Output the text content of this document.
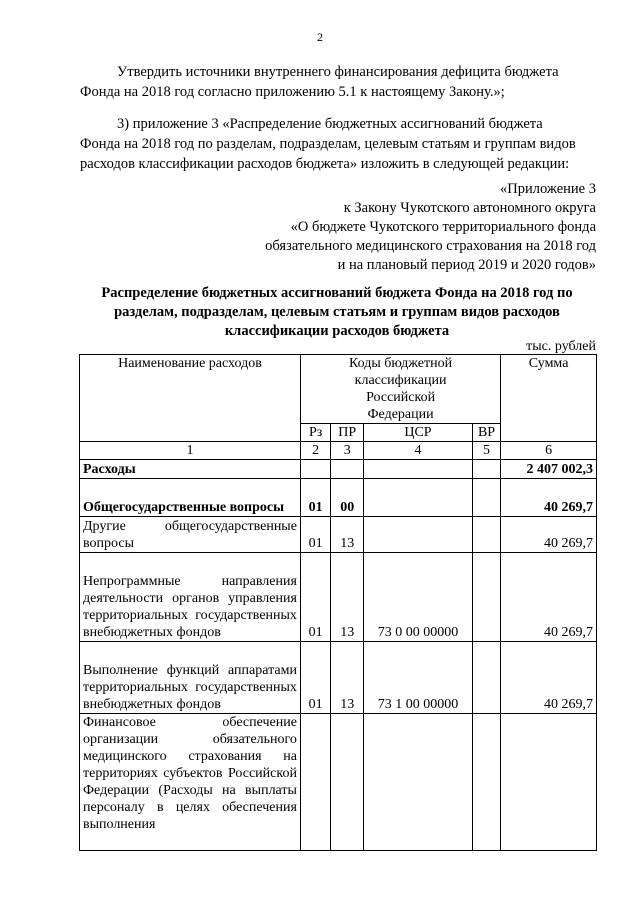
2
Утвердить источники внутреннего финансирования дефицита бюджета
Фонда на 2018 год согласно приложению 5.1 к настоящему Закону.»;
3) приложение 3 «Распределение бюджетных ассигнований бюджета
Фонда на 2018 год по разделам, подразделам, целевым статьям и группам видов
расходов классификации расходов бюджета» изложить в следующей редакции:
«Приложение 3
к Закону Чукотского автономного округа
«О бюджете Чукотского территориального фонда
обязательного медицинского страхования на 2018 год
и на плановый период 2019 и 2020 годов»
Распределение бюджетных ассигнований бюджета Фонда на 2018 год по разделам, подразделам, целевым статьям и группам видов расходов классификации расходов бюджета
тыс. рублей
Наименование расходов	Коды бюджетной классификации Российской Федерации				Сумма
	Рз	ПР	ЦСР	ВР	
1	2	3	4	5	6
Расходы					2 407 002,3
Общегосударственные вопросы	01	00			40 269,7
Другие общегосударственные вопросы	01	13			40 269,7
Непрограммные направления деятельности органов управления территориальных государственных внебюджетных фондов	01	13	73 0 00 00000		40 269,7
Выполнение функций аппаратами территориальных государственных внебюджетных фондов	01	13	73 1 00 00000		40 269,7
Финансовое обеспечение организации обязательного медицинского страхования на территориях субъектов Российской Федерации (Расходы на выплаты персоналу в целях обеспечения выполнения					
